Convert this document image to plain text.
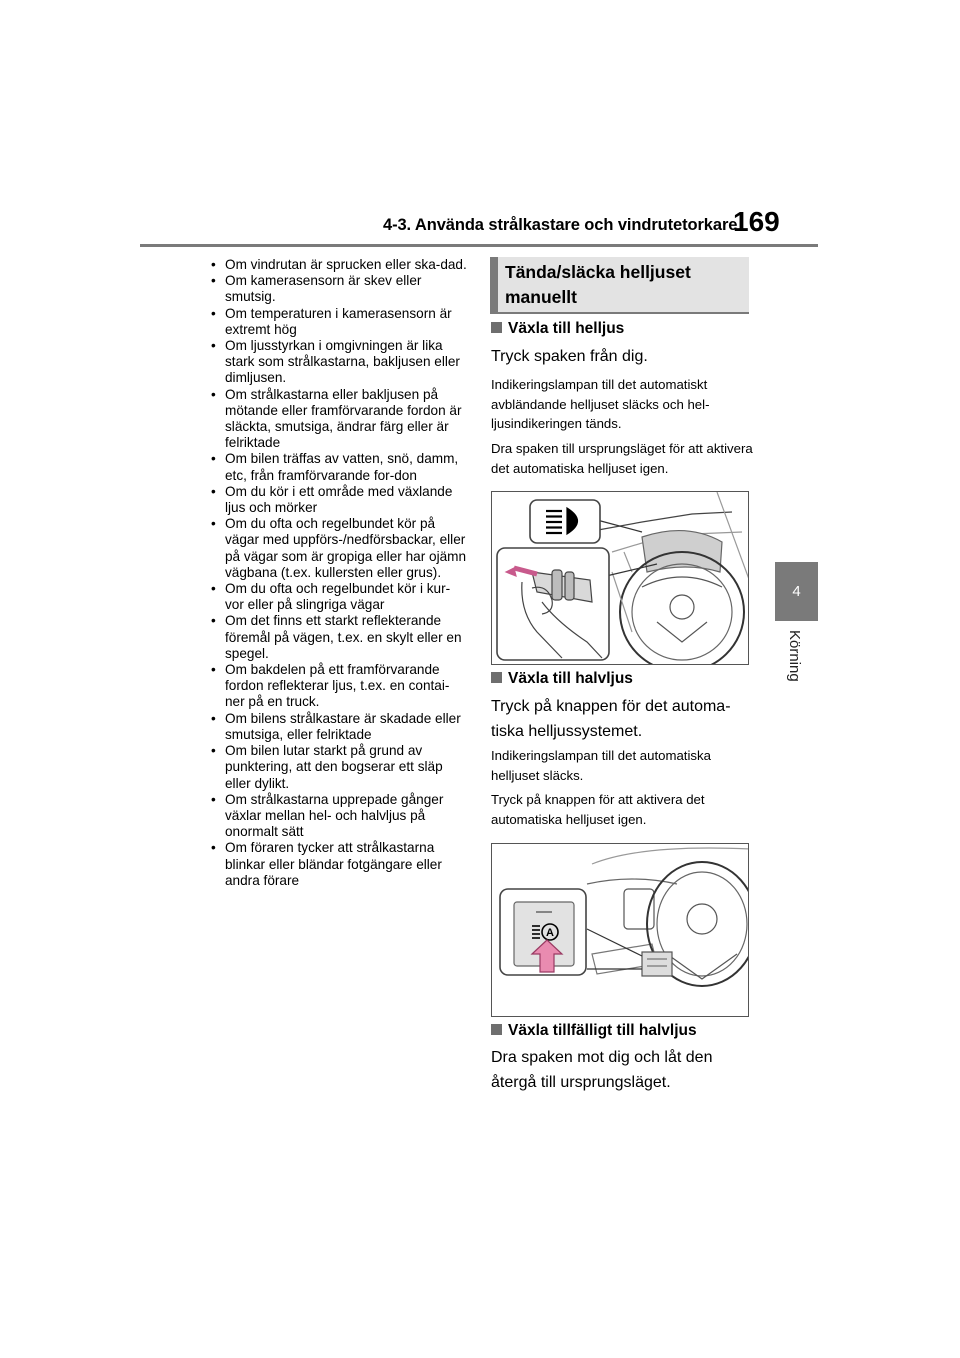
4-3. Använda strålkastare och vindrutetorkare
169
4
Körning
• Om vindrutan är sprucken eller ska-dad.
• Om kamerasensorn är skev eller smutsig.
• Om temperaturen i kamerasensorn är extremt hög
• Om ljusstyrkan i omgivningen är lika stark som strålkastarna, bakljusen eller dimljusen.
• Om strålkastarna eller bakljusen på mötande eller framförvarande fordon är släckta, smutsiga, ändrar färg eller är felriktade
• Om bilen träffas av vatten, snö, damm, etc, från framförvarande for-don
• Om du kör i ett område med växlande ljus och mörker
• Om du ofta och regelbundet kör på vägar med uppförs-/nedförsbackar, eller på vägar som är gropiga eller har ojämn vägbana (t.ex. kullersten eller grus).
• Om du ofta och regelbundet kör i kur-vor eller på slingriga vägar
• Om det finns ett starkt reflekterande föremål på vägen, t.ex. en skylt eller en spegel.
• Om bakdelen på ett framförvarande fordon reflekterar ljus, t.ex. en contai-ner på en truck.
• Om bilens strålkastare är skadade eller smutsiga, eller felriktade
• Om bilen lutar starkt på grund av punktering, att den bogserar ett släp eller dylikt.
• Om strålkastarna upprepade gånger växlar mellan hel- och halvljus på onormalt sätt
• Om föraren tycker att strålkastarna blinkar eller bländar fotgängare eller andra förare
Tända/släcka helljuset manuellt
Växla till helljus
Tryck spaken från dig.
Indikeringslampan till det automatiskt avbländande helljuset släcks och hel-ljusindikeringen tänds.
Dra spaken till ursprungsläget för att aktivera det automatiska helljuset igen.
Växla till halvljus
Tryck på knappen för det automa-tiska helljussystemet.
Indikeringslampan till det automatiska helljuset släcks.
Tryck på knappen för att aktivera det automatiska helljuset igen.
A
Växla tillfälligt till halvljus
Dra spaken mot dig och låt den återgå till ursprungsläget.
